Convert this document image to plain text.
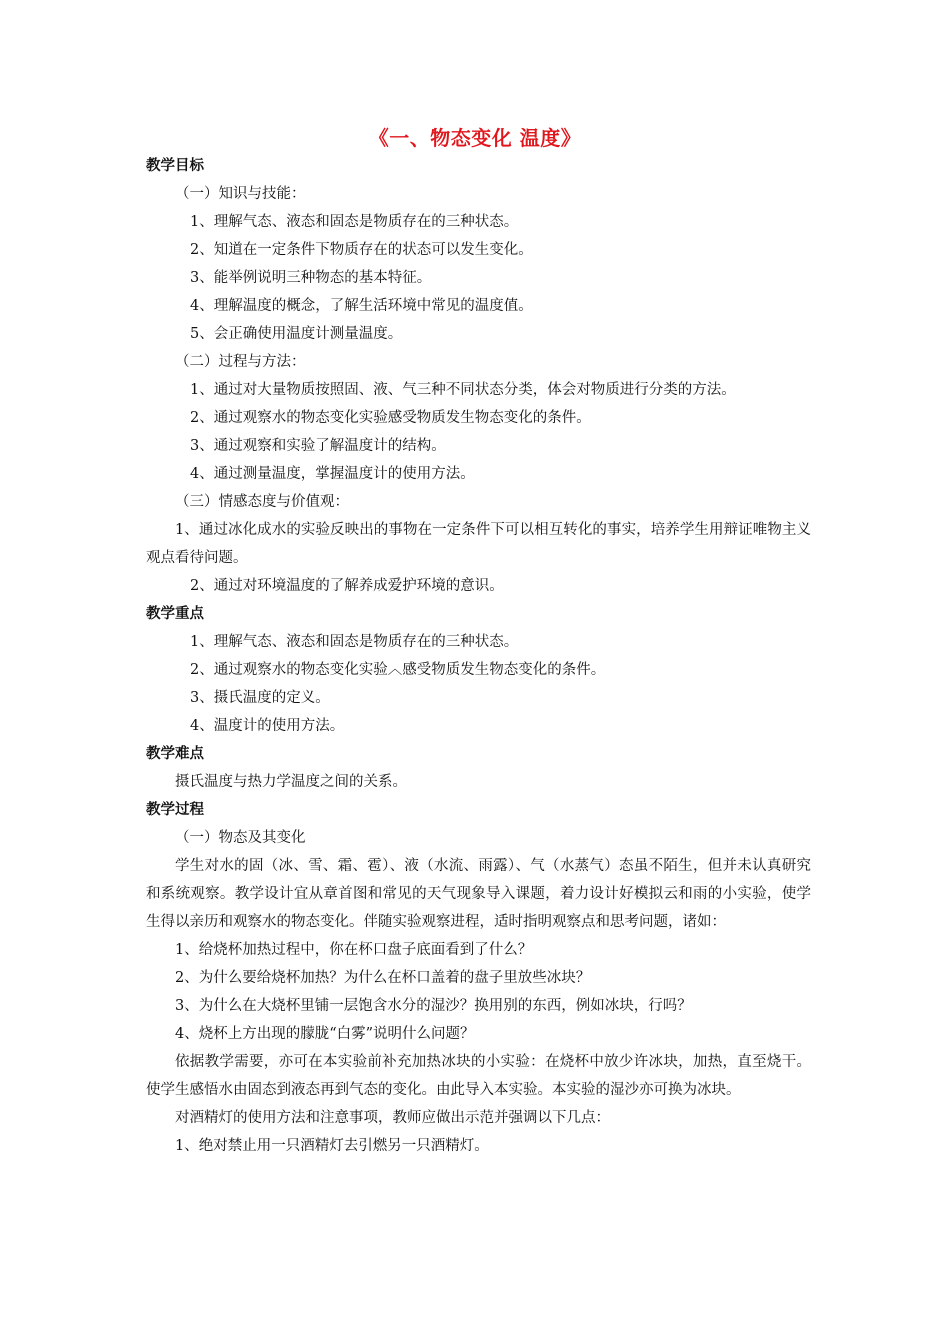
《一、物态变化 温度》
教学目标
（一）知识与技能：
1、理解气态、液态和固态是物质存在的三种状态。
2、知道在一定条件下物质存在的状态可以发生变化。
3、能举例说明三种物态的基本特征。
4、理解温度的概念，了解生活环境中常见的温度值。
5、会正确使用温度计测量温度。
（二）过程与方法：
1、通过对大量物质按照固、液、气三种不同状态分类，体会对物质进行分类的方法。
2、通过观察水的物态变化实验感受物质发生物态变化的条件。
3、通过观察和实验了解温度计的结构。
4、通过测量温度，掌握温度计的使用方法。
（三）情感态度与价值观：
1、通过冰化成水的实验反映出的事物在一定条件下可以相互转化的事实，培养学生用辩证唯物主义观点看待问题。
2、通过对环境温度的了解养成爱护环境的意识。
教学重点
1、理解气态、液态和固态是物质存在的三种状态。
2、通过观察水的物态变化实验︿感受物质发生物态变化的条件。
3、摄氏温度的定义。
4、温度计的使用方法。
教学难点
摄氏温度与热力学温度之间的关系。
教学过程
（一）物态及其变化
学生对水的固（冰、雪、霜、雹）、液（水流、雨露）、气（水蒸气）态虽不陌生，但并未认真研究和系统观察。教学设计宜从章首图和常见的天气现象导入课题，着力设计好模拟云和雨的小实验，使学生得以亲历和观察水的物态变化。伴随实验观察进程，适时指明观察点和思考问题，诸如：
1、给烧杯加热过程中，你在杯口盘子底面看到了什么？
2、为什么要给烧杯加热？为什么在杯口盖着的盘子里放些冰块？
3、为什么在大烧杯里铺一层饱含水分的湿沙？换用别的东西，例如冰块，行吗？
4、烧杯上方出现的朦胧“白雾”说明什么问题？
依据教学需要，亦可在本实验前补充加热冰块的小实验：在烧杯中放少许冰块，加热，直至烧干。使学生感悟水由固态到液态再到气态的变化。由此导入本实验。本实验的湿沙亦可换为冰块。
对酒精灯的使用方法和注意事项，教师应做出示范并强调以下几点：
1、绝对禁止用一只酒精灯去引燃另一只酒精灯。
